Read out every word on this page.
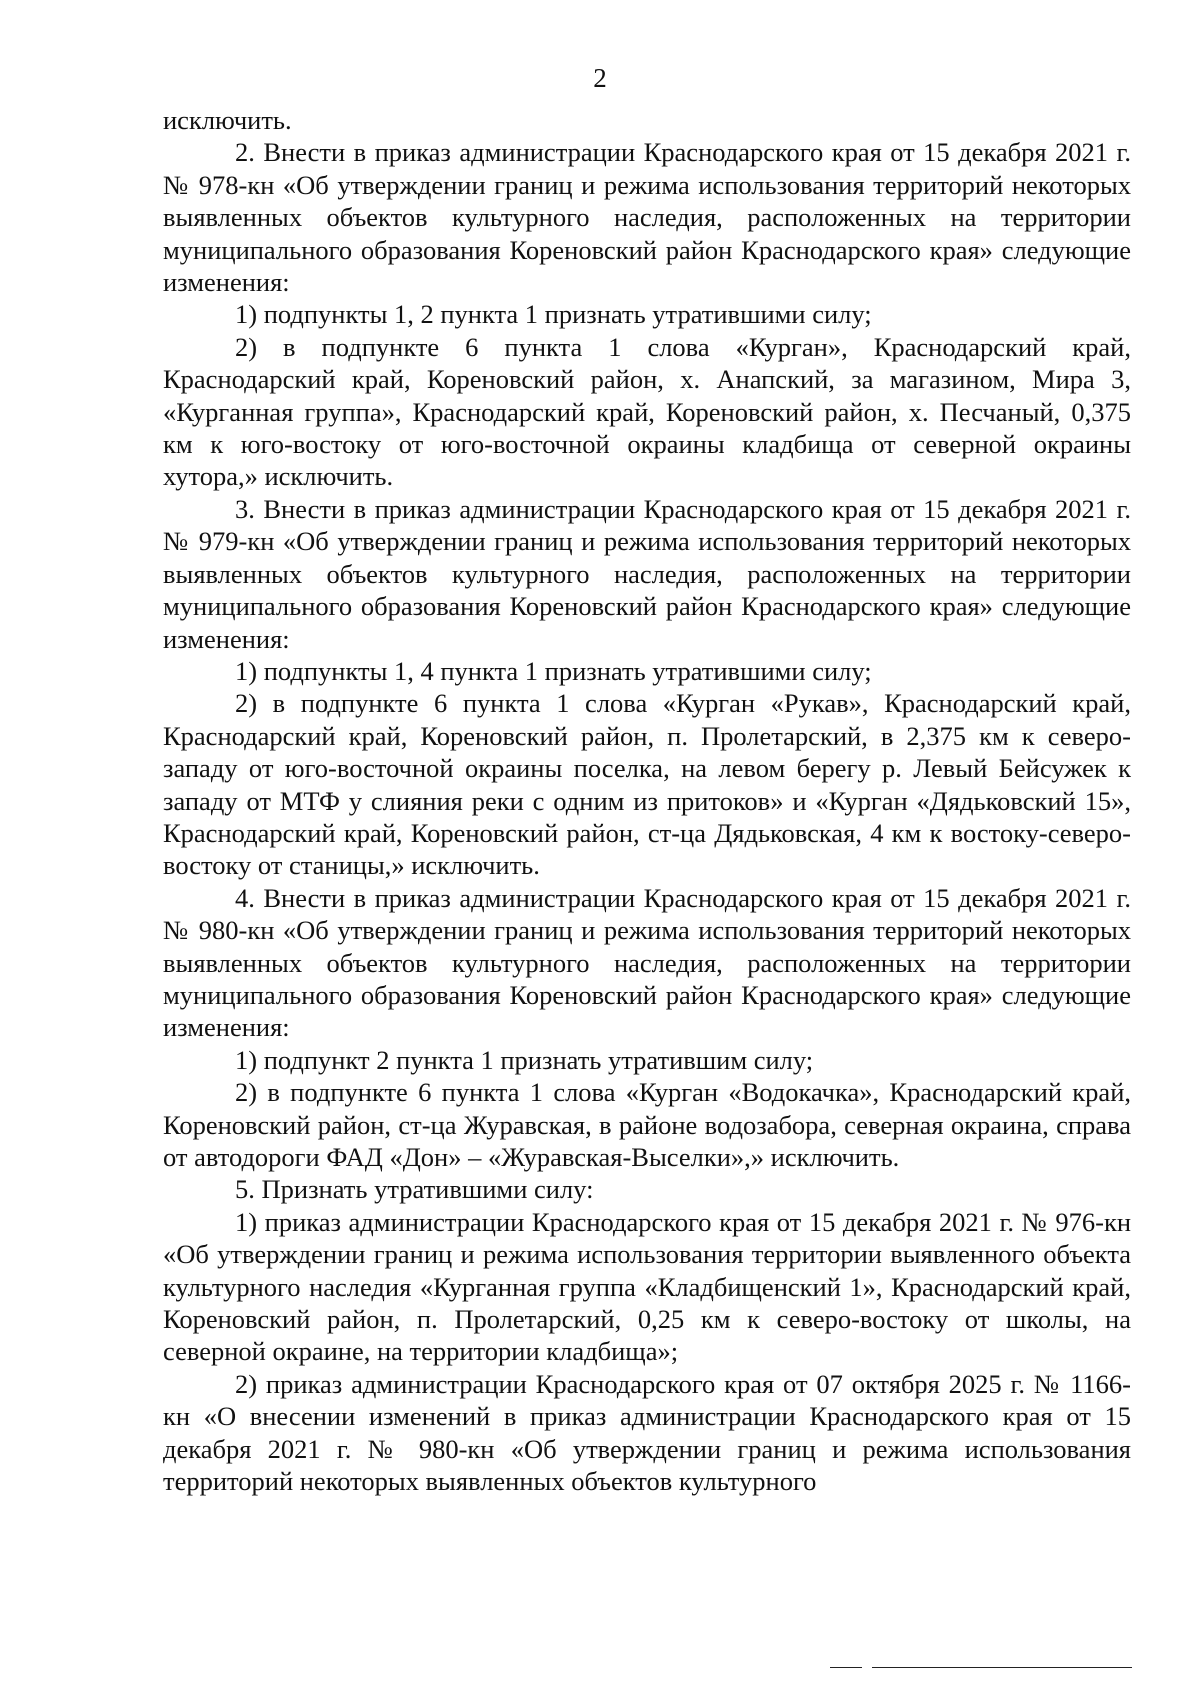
2

исключить.

2. Внести в приказ администрации Краснодарского края от 15 декабря 2021 г. № 978-кн «Об утверждении границ и режима использования территорий некоторых выявленных объектов культурного наследия, расположенных на территории муниципального образования Кореновский район Краснодарского края» следующие изменения:

1) подпункты 1, 2 пункта 1 признать утратившими силу;

2) в подпункте 6 пункта 1 слова «Курган», Краснодарский край, Краснодарский край, Кореновский район, х. Анапский, за магазином, Мира 3, «Курганная группа», Краснодарский край, Кореновский район, х. Песчаный, 0,375 км к юго-востоку от юго-восточной окраины кладбища от северной окраины хутора,» исключить.

3. Внести в приказ администрации Краснодарского края от 15 декабря 2021 г. № 979-кн «Об утверждении границ и режима использования территорий некоторых выявленных объектов культурного наследия, расположенных на территории муниципального образования Кореновский район Краснодарского края» следующие изменения:

1) подпункты 1, 4 пункта 1 признать утратившими силу;

2) в подпункте 6 пункта 1 слова «Курган «Рукав», Краснодарский край, Краснодарский край, Кореновский район, п. Пролетарский, в 2,375 км к северо-западу от юго-восточной окраины поселка, на левом берегу р. Левый Бейсужек к западу от МТФ у слияния реки с одним из притоков» и «Курган «Дядьковский 15», Краснодарский край, Кореновский район, ст-ца Дядьковская, 4 км к востоку-северо-востоку от станицы,» исключить.

4. Внести в приказ администрации Краснодарского края от 15 декабря 2021 г. № 980-кн «Об утверждении границ и режима использования территорий некоторых выявленных объектов культурного наследия, расположенных на территории муниципального образования Кореновский район Краснодарского края» следующие изменения:

1) подпункт 2 пункта 1 признать утратившим силу;

2) в подпункте 6 пункта 1 слова «Курган «Водокачка», Краснодарский край, Кореновский район, ст-ца Журавская, в районе водозабора, северная окраина, справа от автодороги ФАД «Дон» – «Журавская-Выселки»,» исключить.

5. Признать утратившими силу:

1) приказ администрации Краснодарского края от 15 декабря 2021 г. № 976-кн «Об утверждении границ и режима использования территории выявленного объекта культурного наследия «Курганная группа «Кладбищенский 1», Краснодарский край, Кореновский район, п. Пролетарский, 0,25 км к северо-востоку от школы, на северной окраине, на территории кладбища»;

2) приказ администрации Краснодарского края от 07 октября 2025 г. № 1166-кн «О внесении изменений в приказ администрации Краснодарского края от 15 декабря 2021 г. № 980-кн «Об утверждении границ и режима использования территорий некоторых выявленных объектов культурного
